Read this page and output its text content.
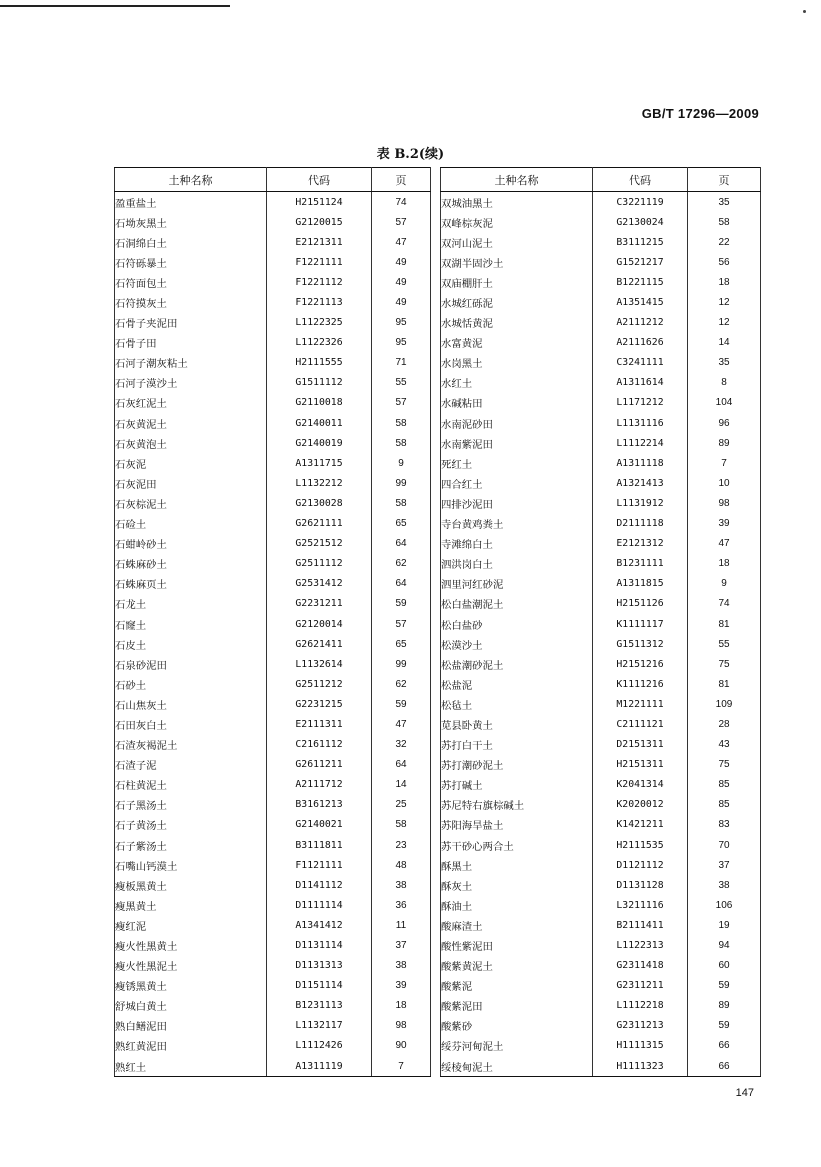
GB/T 17296—2009
表 B.2(续)
土种名称	代码	页
盈重盐土	H2151124	74
石坳灰黑土	G2120015	57
石洞绵白土	E2121311	47
石符砾暴土	F1221111	49
石符面包土	F1221112	49
石符摸灰土	F1221113	49
石骨子夹泥田	L1122325	95
石骨子田	L1122326	95
石河子潮灰粘土	H2111555	71
石河子漠沙土	G1511112	55
石灰红泥土	G2110018	57
石灰黄泥土	G2140011	58
石灰黄泡土	G2140019	58
石灰泥	A1311715	9
石灰泥田	L1132212	99
石灰棕泥土	G2130028	58
石硷土	G2621111	65
石蚶岭砂土	G2521512	64
石蛛麻砂土	G2511112	62
石蛛麻页土	G2531412	64
石龙土	G2231211	59
石窿土	G2120014	57
石皮土	G2621411	65
石泉砂泥田	L1132614	99
石砂土	G2511212	62
石山焦灰土	G2231215	59
石田灰白土	E2111311	47
石渣灰褐泥土	C2161112	32
石渣子泥	G2611211	64
石柱黄泥土	A2111712	14
石子黑汤土	B3161213	25
石子黄汤土	G2140021	58
石子紫汤土	B3111811	23
石嘴山钙漠土	F1121111	48
瘦板黑黄土	D1141112	38
瘦黑黄土	D1111114	36
瘦红泥	A1341412	11
瘦火性黑黄土	D1131114	37
瘦火性黑泥土	D1131313	38
瘦锈黑黄土	D1151114	39
舒城白黄土	B1231113	18
熟白鳝泥田	L1132117	98
熟红黄泥田	L1112426	90
熟红土	A1311119	7
土种名称	代码	页
双城油黑土	C3221119	35
双峰棕灰泥	G2130024	58
双河山泥土	B3111215	22
双湖半固沙土	G1521217	56
双庙棚肝土	B1221115	18
水城红砾泥	A1351415	12
水城恬黄泥	A2111212	12
水富黄泥	A2111626	14
水岗黑土	C3241111	35
水红土	A1311614	8
水碱粘田	L1171212	104
水南泥砂田	L1131116	96
水南紫泥田	L1112214	89
死红土	A1311118	7
四合红土	A1321413	10
四排沙泥田	L1131912	98
寺台黄鸡粪土	D2111118	39
寺滩绵白土	E2121312	47
泗洪岗白土	B1231111	18
泗里河红砂泥	A1311815	9
松白盐潮泥土	H2151126	74
松白盐砂	K1111117	81
松漠沙土	G1511312	55
松盐潮砂泥土	H2151216	75
松盐泥	K1111216	81
松毡土	M1221111	109
苋县卧黄土	C2111121	28
苏打白干土	D2151311	43
苏打潮砂泥土	H2151311	75
苏打碱土	K2041314	85
苏尼特右旗棕碱土	K2020012	85
苏阳海旱盐土	K1421211	83
苏干砂心两合土	H2111535	70
酥黑土	D1121112	37
酥灰土	D1131128	38
酥油土	L3211116	106
酸麻渣土	B2111411	19
酸性紫泥田	L1122313	94
酸紫黄泥土	G2311418	60
酸紫泥	G2311211	59
酸紫泥田	L1112218	89
酸紫砂	G2311213	59
绥芬河甸泥土	H1111315	66
绥棱甸泥土	H1111323	66
147
